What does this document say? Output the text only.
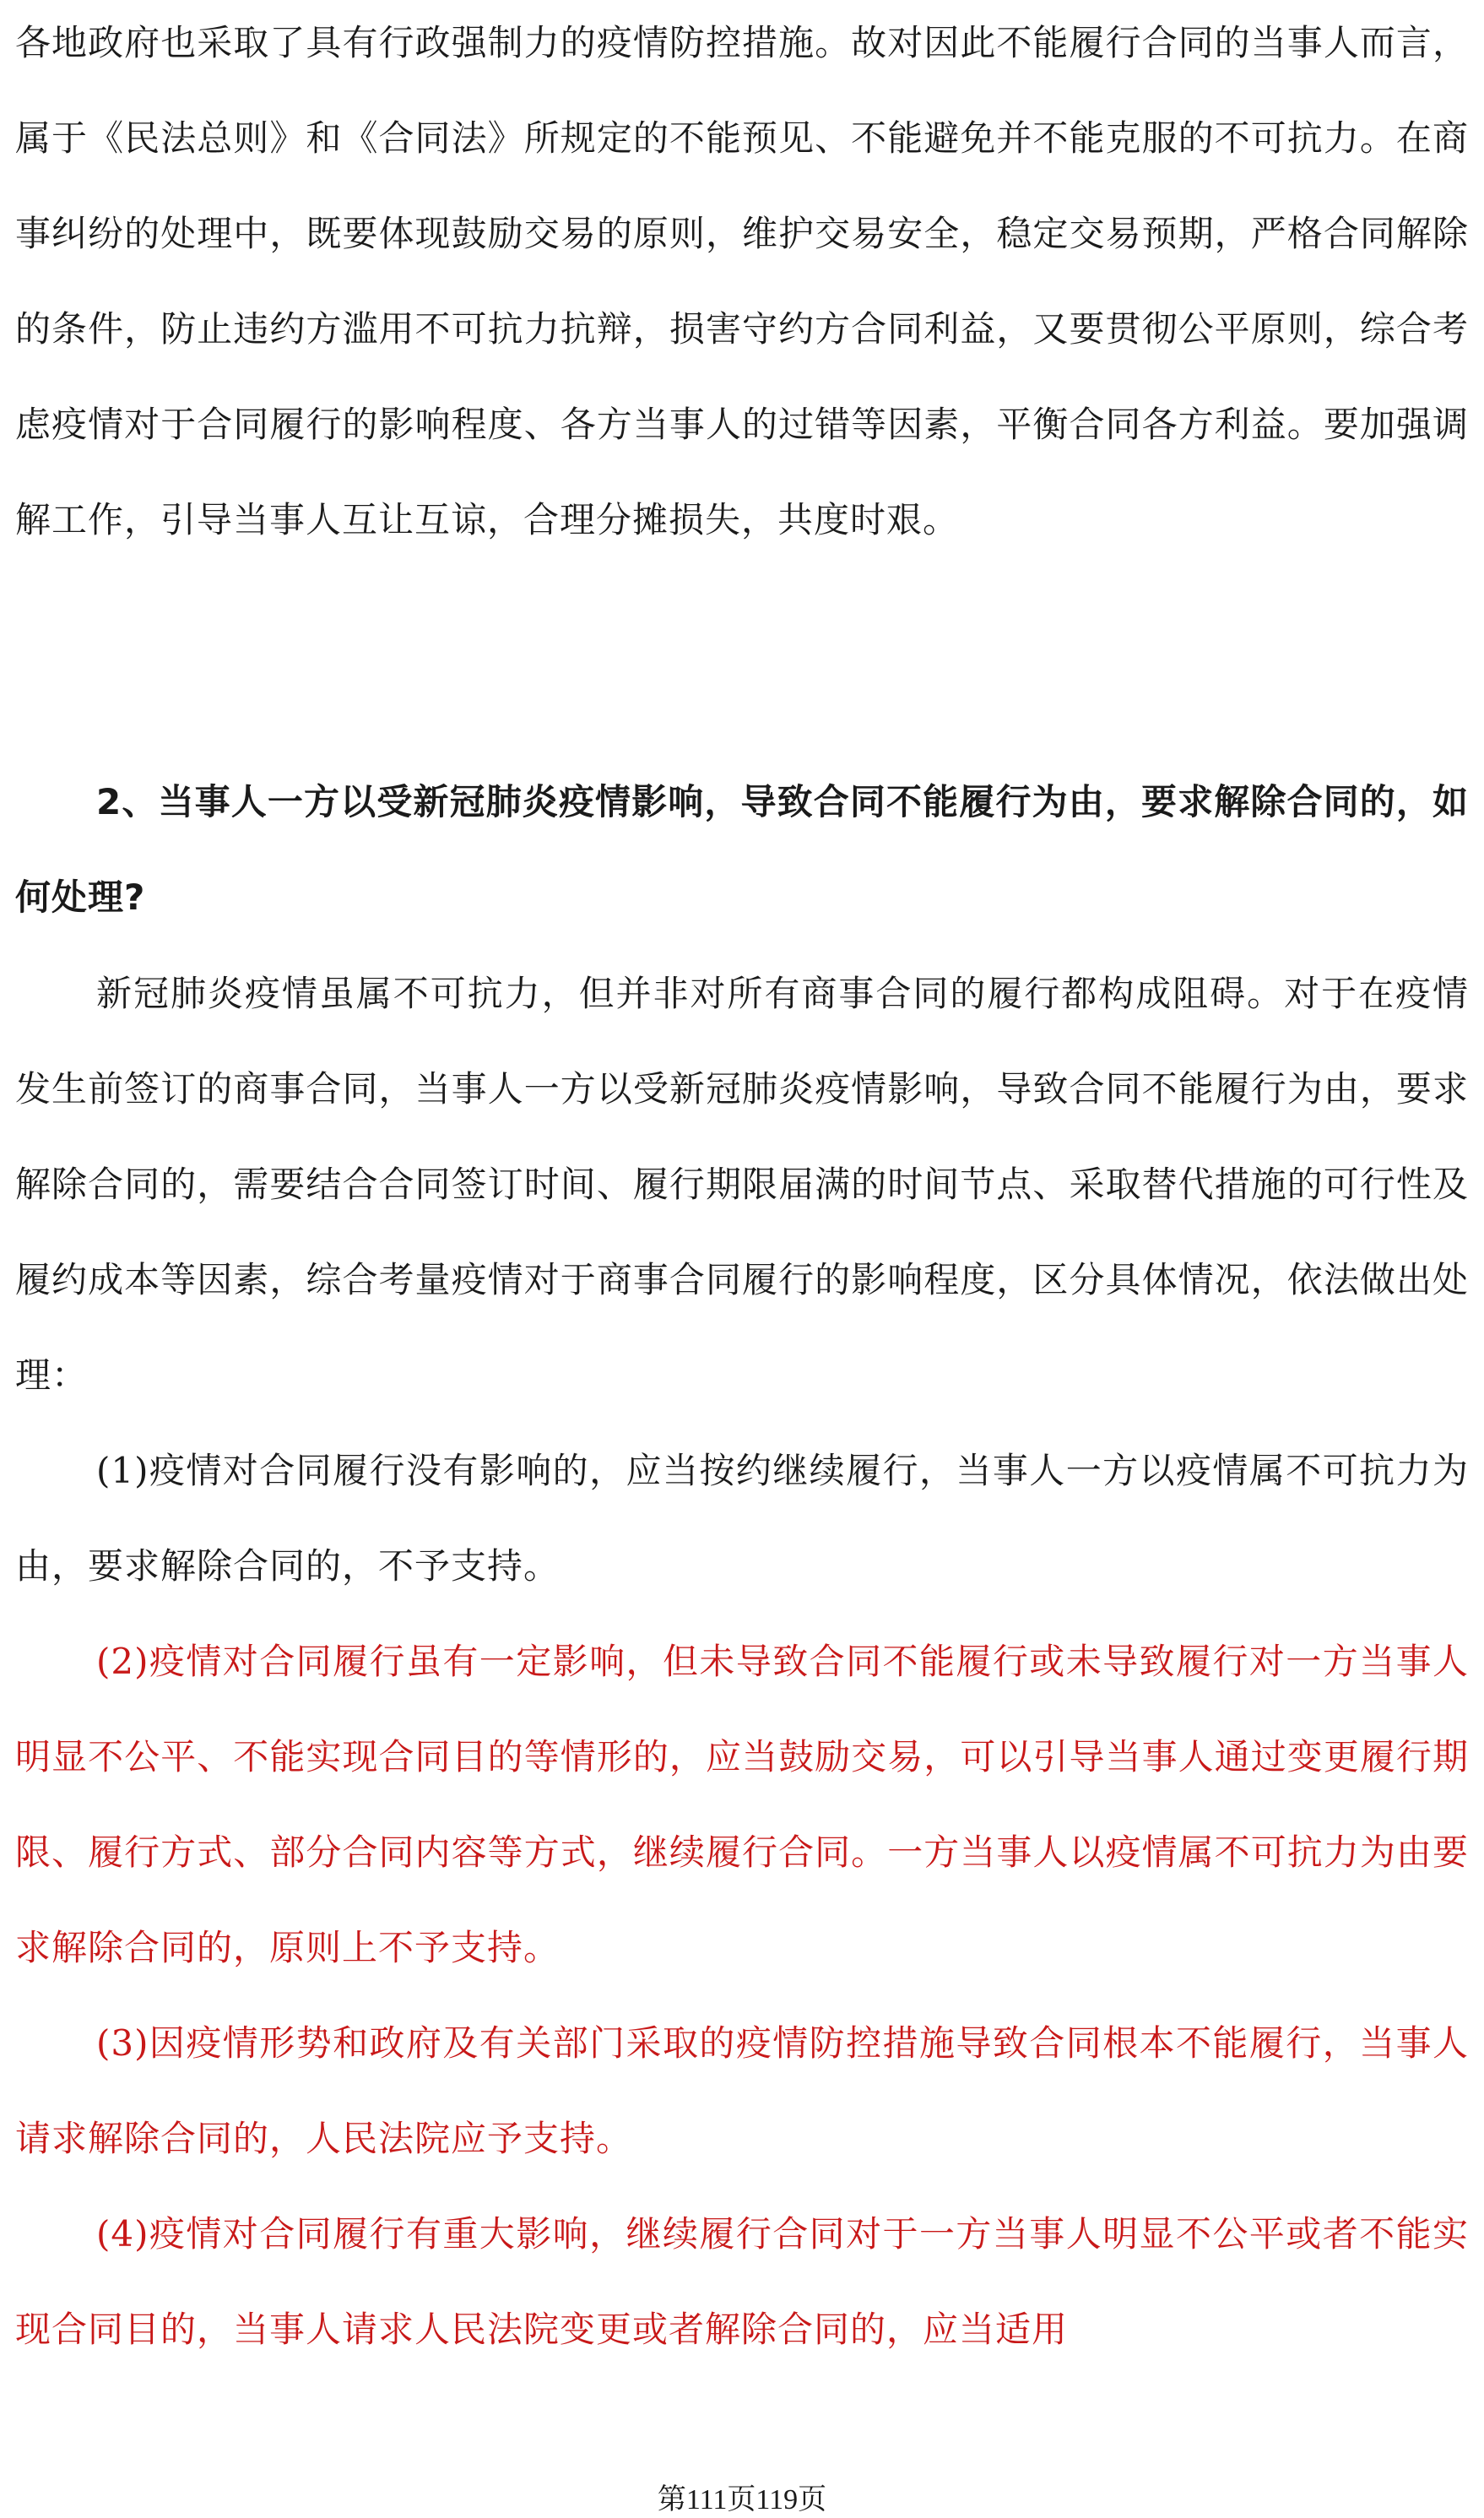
各地政府也采取了具有行政强制力的疫情防控措施。故对因此不能履行合同的当事人而言，属于《民法总则》和《合同法》所规定的不能预见、不能避免并不能克服的不可抗力。在商事纠纷的处理中，既要体现鼓励交易的原则，维护交易安全，稳定交易预期，严格合同解除的条件，防止违约方滥用不可抗力抗辩，损害守约方合同利益，又要贯彻公平原则，综合考虑疫情对于合同履行的影响程度、各方当事人的过错等因素，平衡合同各方利益。要加强调解工作，引导当事人互让互谅，合理分摊损失，共度时艰。

2、当事人一方以受新冠肺炎疫情影响，导致合同不能履行为由，要求解除合同的，如何处理?

新冠肺炎疫情虽属不可抗力，但并非对所有商事合同的履行都构成阻碍。对于在疫情发生前签订的商事合同，当事人一方以受新冠肺炎疫情影响，导致合同不能履行为由，要求解除合同的，需要结合合同签订时间、履行期限届满的时间节点、采取替代措施的可行性及履约成本等因素，综合考量疫情对于商事合同履行的影响程度，区分具体情况，依法做出处理：

(1)疫情对合同履行没有影响的，应当按约继续履行，当事人一方以疫情属不可抗力为由，要求解除合同的，不予支持。

(2)疫情对合同履行虽有一定影响，但未导致合同不能履行或未导致履行对一方当事人明显不公平、不能实现合同目的等情形的，应当鼓励交易，可以引导当事人通过变更履行期限、履行方式、部分合同内容等方式，继续履行合同。一方当事人以疫情属不可抗力为由要求解除合同的，原则上不予支持。

(3)因疫情形势和政府及有关部门采取的疫情防控措施导致合同根本不能履行，当事人请求解除合同的，人民法院应予支持。

(4)疫情对合同履行有重大影响，继续履行合同对于一方当事人明显不公平或者不能实现合同目的，当事人请求人民法院变更或者解除合同的，应当适用

第111页119页
